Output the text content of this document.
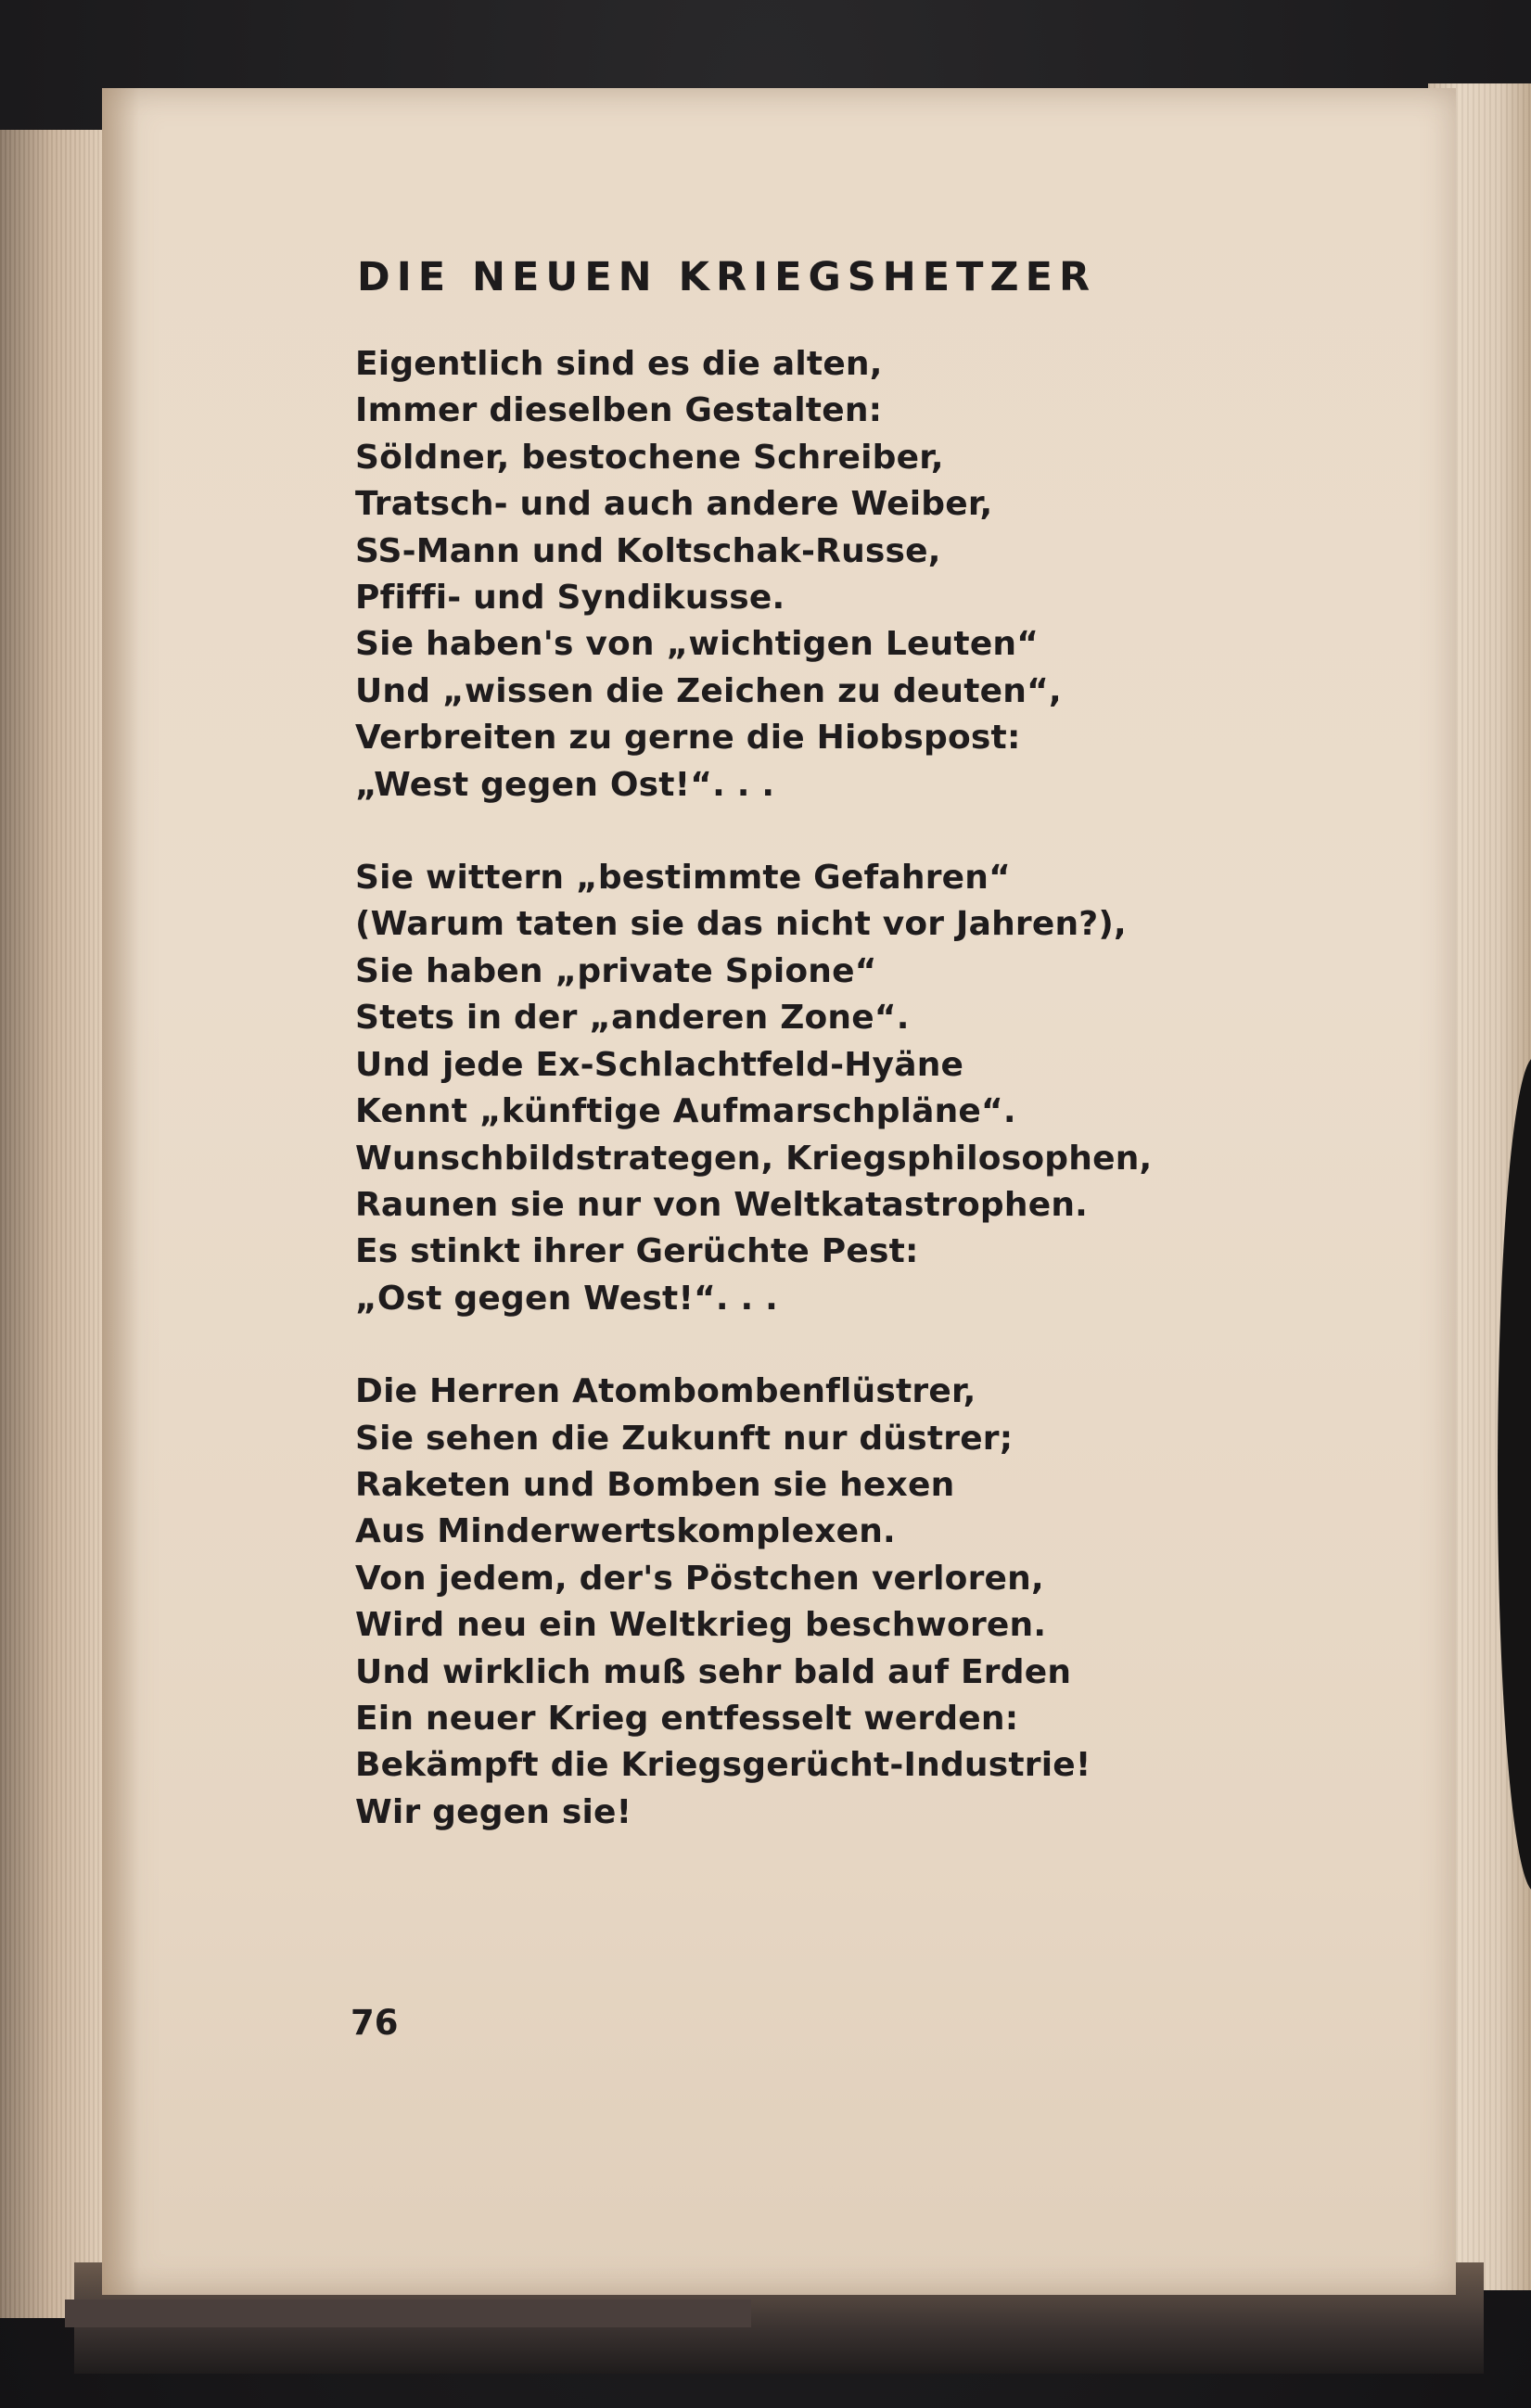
DIE NEUEN KRIEGSHETZER
Eigentlich sind es die alten,
Immer dieselben Gestalten:
Söldner, bestochene Schreiber,
Tratsch- und auch andere Weiber,
SS-Mann und Koltschak-Russe,
Pfiffi- und Syndikusse.
Sie haben's von „wichtigen Leuten“
Und „wissen die Zeichen zu deuten“,
Verbreiten zu gerne die Hiobspost:
„West gegen Ost!“. . .
Sie wittern „bestimmte Gefahren“
(Warum taten sie das nicht vor Jahren?),
Sie haben „private Spione“
Stets in der „anderen Zone“.
Und jede Ex-Schlachtfeld-Hyäne
Kennt „künftige Aufmarschpläne“.
Wunschbildstrategen, Kriegsphilosophen,
Raunen sie nur von Weltkatastrophen.
Es stinkt ihrer Gerüchte Pest:
„Ost gegen West!“. . .
Die Herren Atombombenflüstrer,
Sie sehen die Zukunft nur düstrer;
Raketen und Bomben sie hexen
Aus Minderwertskomplexen.
Von jedem, der's Pöstchen verloren,
Wird neu ein Weltkrieg beschworen.
Und wirklich muß sehr bald auf Erden
Ein neuer Krieg entfesselt werden:
Bekämpft die Kriegsgerücht-Industrie!
Wir gegen sie!
76
